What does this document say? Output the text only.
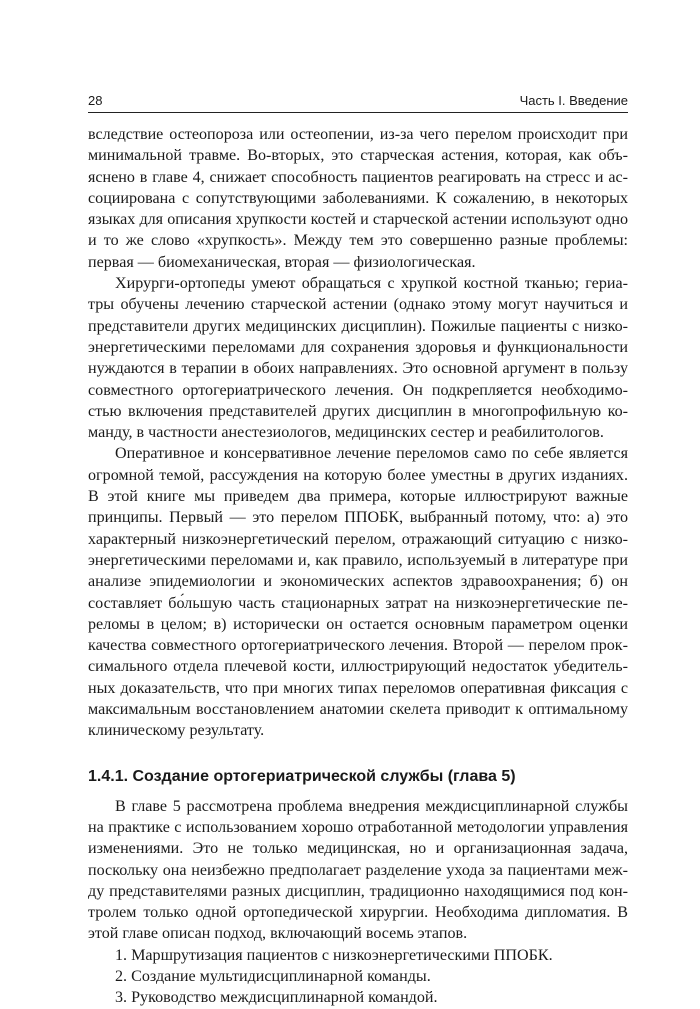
28	Часть I. Введение

вследствие остеопороза или остеопении, из-за чего перелом происходит при минимальной травме. Во-вторых, это старческая астения, которая, как объяснено в главе 4, снижает способность пациентов реагировать на стресс и ассоциирована с сопутствующими заболеваниями. К сожалению, в некоторых языках для описания хрупкости костей и старческой астении используют одно и то же слово «хрупкость». Между тем это совершенно разные проблемы: первая — биомеханическая, вторая — физиологическая.

Хирурги-ортопеды умеют обращаться с хрупкой костной тканью; гериатры обучены лечению старческой астении (однако этому могут научиться и представители других медицинских дисциплин). Пожилые пациенты с низкоэнергетическими переломами для сохранения здоровья и функциональности нуждаются в терапии в обоих направлениях. Это основной аргумент в пользу совместного ортогериатрического лечения. Он подкрепляется необходимостью включения представителей других дисциплин в многопрофильную команду, в частности анестезиологов, медицинских сестер и реабилитологов.

Оперативное и консервативное лечение переломов само по себе является огромной темой, рассуждения на которую более уместны в других изданиях. В этой книге мы приведем два примера, которые иллюстрируют важные принципы. Первый — это перелом ППОБК, выбранный потому, что: а) это характерный низкоэнергетический перелом, отражающий ситуацию с низкоэнергетическими переломами и, как правило, используемый в литературе при анализе эпидемиологии и экономических аспектов здравоохранения; б) он составляет бо́льшую часть стационарных затрат на низкоэнергетические переломы в целом; в) исторически он остается основным параметром оценки качества совместного ортогериатрического лечения. Второй — перелом проксимального отдела плечевой кости, иллюстрирующий недостаток убедительных доказательств, что при многих типах переломов оперативная фиксация с максимальным восстановлением анатомии скелета приводит к оптимальному клиническому результату.

1.4.1. Создание ортогериатрической службы (глава 5)

В главе 5 рассмотрена проблема внедрения междисциплинарной службы на практике с использованием хорошо отработанной методологии управления изменениями. Это не только медицинская, но и организационная задача, поскольку она неизбежно предполагает разделение ухода за пациентами между представителями разных дисциплин, традиционно находящимися под контролем только одной ортопедической хирургии. Необходима дипломатия. В этой главе описан подход, включающий восемь этапов.

1. Маршрутизация пациентов с низкоэнергетическими ППОБК.
2. Создание мультидисциплинарной команды.
3. Руководство междисциплинарной командой.
